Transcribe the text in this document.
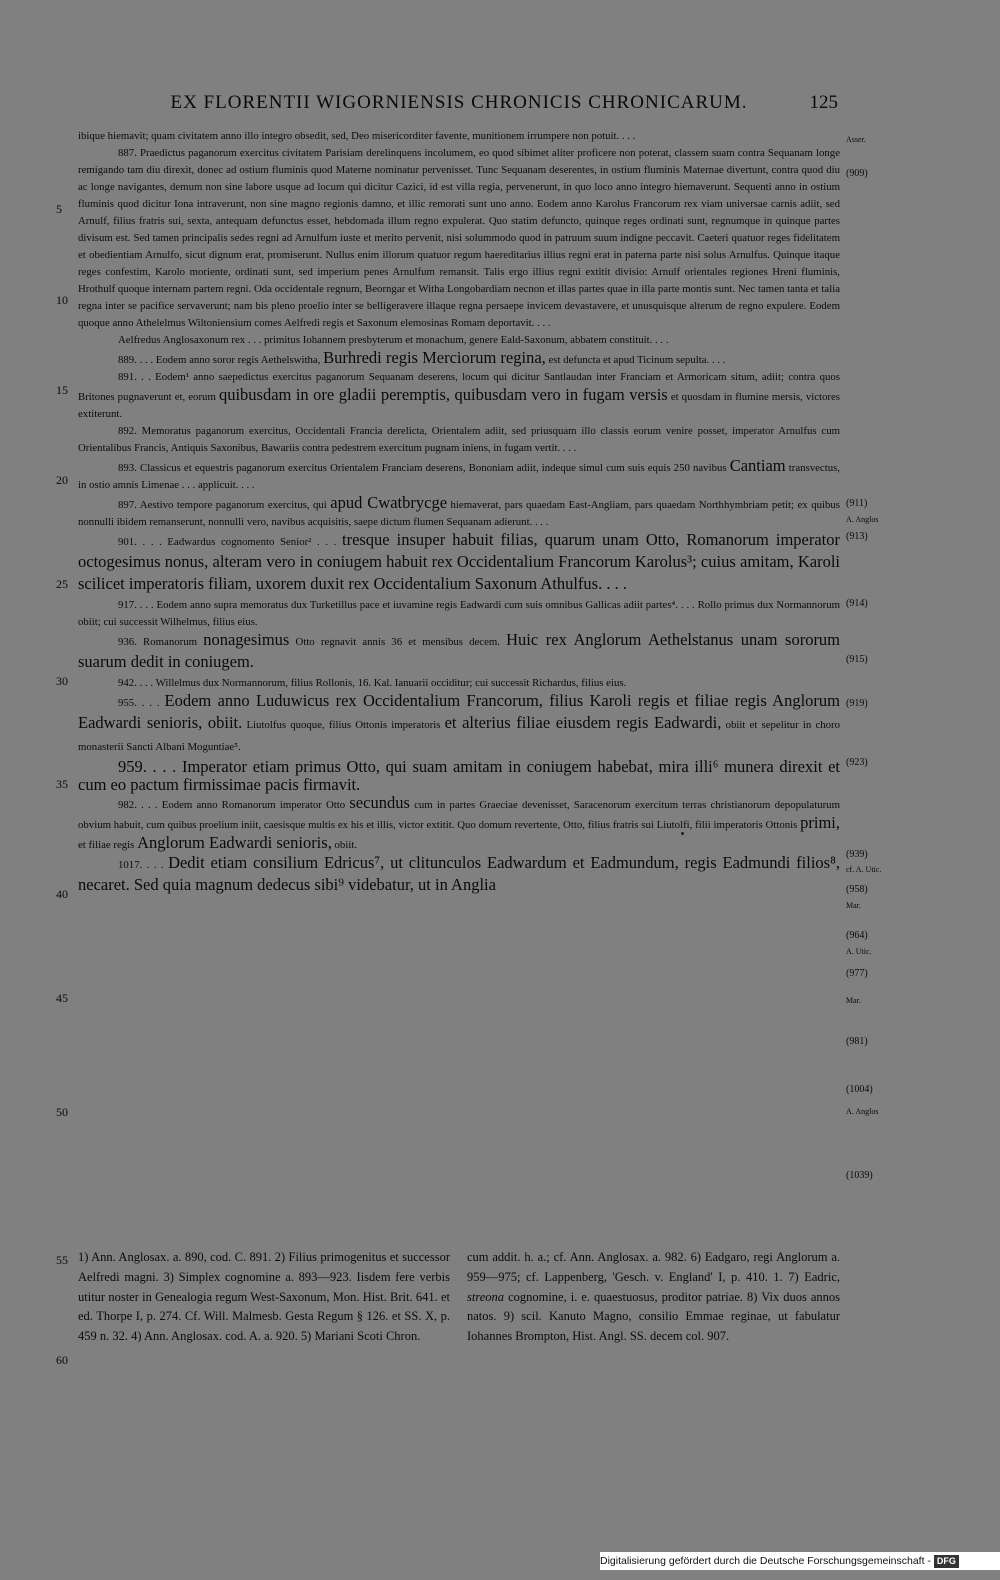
EX FLORENTII WIGORNIENSIS CHRONICIS CHRONICARUM.	125
5
10
15
20
25
30
35
40
45
50
55
60
Asser.
(909)
(911)
A. Anglos
(913)
(914)
(915)
(919)
(923)
(939)
cf. A. Utic.
(958)
Mar.
(964)
A. Utic.
(977)
Mar.
(981)
(1004)
A. Anglos
(1039)

ibique hiemavit; quam civitatem anno illo integro obsedit, sed, Deo misericorditer favente, munitionem irrumpere non potuit. . . .

887. Praedictus paganorum exercitus civitatem Parisiam derelinquens incolumem, eo quod sibimet aliter proficere non poterat, classem suam contra Sequanam longe remigando tam diu direxit, donec ad ostium fluminis quod Materne nominatur pervenisset. Tunc Sequanam deserentes, in ostium fluminis Maternae divertunt, contra quod diu ac longe navigantes, demum non sine labore usque ad locum qui dicitur Cazici, id est villa regia, pervenerunt, in quo loco anno integro hiemaverunt. Sequenti anno in ostium fluminis quod dicitur Iona intraverunt, non sine magno regionis damno, et illic remorati sunt uno anno. Eodem anno Karolus Francorum rex viam universae carnis adiit, sed Arnulf, filius fratris sui, sexta, antequam defunctus esset, hebdomada illum regno expulerat. Quo statim defuncto, quinque reges ordinati sunt, regnumque in quinque partes divisum est. Sed tamen principalis sedes regni ad Arnulfum iuste et merito pervenit, nisi solummodo quod in patruum suum indigne peccavit. Caeteri quatuor reges fidelitatem et obedientiam Arnulfo, sicut dignum erat, promiserunt. Nullus enim illorum quatuor regum haereditarius illius regni erat in paterna parte nisi solus Arnulfus. Quinque itaque reges confestim, Karolo moriente, ordinati sunt, sed imperium penes Arnulfum remansit. Talis ergo illius regni extitit divisio: Arnulf orientales regiones Hreni fluminis, Hrothulf quoque internam partem regni. Oda occidentale regnum, Beorngar et Witha Longobardiam necnon et illas partes quae in illa parte montis sunt. Nec tamen tanta et talia regna inter se pacifice servaverunt; nam bis pleno proelio inter se belligeravere illaque regna persaepe invicem devastavere, et unusquisque alterum de regno expulere. Eodem quoque anno Athelelmus Wiltoniensium comes Aelfredi regis et Saxonum elemosinas Romam deportavit. . . .

Aelfredus Anglosaxonum rex . . . primitus Iohannem presbyterum et monachum, genere Eald-Saxonum, abbatem constituit. . . .

889. . . . Eodem anno soror regis Aethelswitha, Burhredi regis Merciorum regina, est defuncta et apud Ticinum sepulta. . . .

891. . . Eodem¹ anno saepedictus exercitus paganorum Sequanam deserens, locum qui dicitur Santlaudan inter Franciam et Armoricam situm, adiit; contra quos Britones pugnaverunt et, eorum quibusdam in ore gladii peremptis, quibusdam vero in fugam versis et quosdam in flumine mersis, victores extiterunt.

892. Memoratus paganorum exercitus, Occidentali Francia derelicta, Orientalem adiit, sed priusquam illo classis eorum venire posset, imperator Arnulfus cum Orientalibus Francis, Antiquis Saxonibus, Bawariis contra pedestrem exercitum pugnam iniens, in fugam vertit. . . .

893. Classicus et equestris paganorum exercitus Orientalem Franciam deserens, Bononiam adiit, indeque simul cum suis equis 250 navibus Cantiam transvectus, in ostio amnis Limenae . . . applicuit. . . .

897. Aestivo tempore paganorum exercitus, qui apud Cwatbrycge hiemaverat, pars quaedam East-Angliam, pars quaedam Northhymbriam petit; ex quibus nonnulli ibidem remanserunt, nonnulli vero, navibus acquisitis, saepe dictum flumen Sequanam adierunt. . . .

901. . . . Eadwardus cognomento Senior² . . . tresque insuper habuit filias, quarum unam Otto, Romanorum imperator octogesimus nonus, alteram vero in coniugem habuit rex Occidentalium Francorum Karolus³; cuius amitam, Karoli scilicet imperatoris filiam, uxorem duxit rex Occidentalium Saxonum Athulfus. . . .

917. . . . Eodem anno supra memoratus dux Turketillus pace et iuvamine regis Eadwardi cum suis omnibus Gallicas adiit partes⁴. . . . Rollo primus dux Normannorum obiit; cui successit Wilhelmus, filius eius.

936. Romanorum nonagesimus Otto regnavit annis 36 et mensibus decem. Huic rex Anglorum Aethelstanus unam sororum suarum dedit in coniugem.

942. . . . Willelmus dux Normannorum, filius Rollonis, 16. Kal. Ianuarii occiditur; cui successit Richardus, filius eius.

955. . . . Eodem anno Luduwicus rex Occidentalium Francorum, filius Karoli regis et filiae regis Anglorum Eadwardi senioris, obiit. Liutolfus quoque, filius Ottonis imperatoris et alterius filiae eiusdem regis Eadwardi, obiit et sepelitur in choro monasterii Sancti Albani Moguntiae⁵.

959. . . . Imperator etiam primus Otto, qui suam amitam in coniugem habebat, mira illi⁶ munera direxit et cum eo pactum firmissimae pacis firmavit.

982. . . . Eodem anno Romanorum imperator Otto secundus cum in partes Graeciae devenisset, Saracenorum exercitum terras christianorum depopulaturum obvium habuit, cum quibus proelium iniit, caesisque multis ex his et illis, victor extitit. Quo domum revertente, Otto, filius fratris sui Liutolfi, filii imperatoris Ottonis primi, et filiae regis Anglorum Eadwardi senioris, obiit.

1017. . . . Dedit etiam consilium Edricus⁷, ut clitunculos Eadwardum et Eadmundum, regis Eadmundi filios⁸, necaret. Sed quia magnum dedecus sibi⁹ videbatur, ut in Anglia

1) Ann. Anglosax. a. 890, cod. C. 891. 2) Filius primogenitus et successor Aelfredi magni. 3) Simplex cognomine a. 893—923. Iisdem fere verbis utitur noster in Genealogia regum West-Saxonum, Mon. Hist. Brit. 641. et ed. Thorpe I, p. 274. Cf. Will. Malmesb. Gesta Regum § 126. et SS. X, p. 459 n. 32. 4) Ann. Anglosax. cod. A. a. 920. 5) Mariani Scoti Chron.
cum addit. h. a.; cf. Ann. Anglosax. a. 982. 6) Eadgaro, regi Anglorum a. 959—975; cf. Lappenberg, 'Gesch. v. England' I, p. 410. 1. 7) Eadric, streona cognomine, i. e. quaestuosus, proditor patriae. 8) Vix duos annos natos. 9) scil. Kanuto Magno, consilio Emmae reginae, ut fabulatur Iohannes Brompton, Hist. Angl. SS. decem col. 907.
Digitalisierung gefördert durch die Deutsche Forschungsgemeinschaft - DFG
